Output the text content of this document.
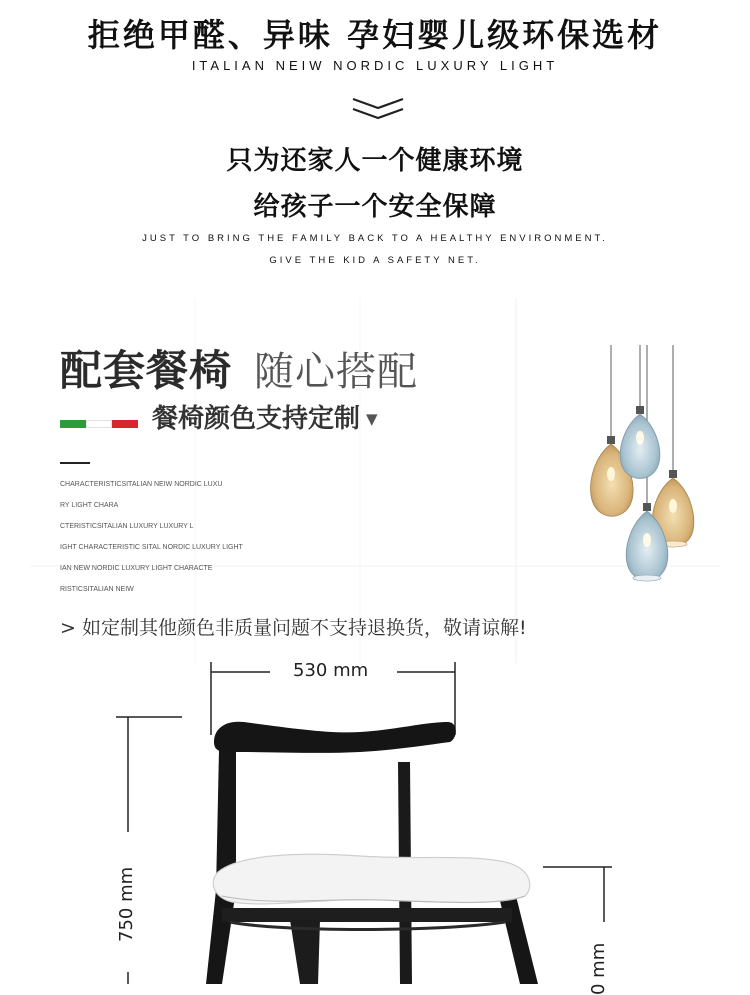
拒绝甲醛、异味 孕妇婴儿级环保选材
ITALIAN NEIW NORDIC LUXURY LIGHT
只为还家人一个健康环境
给孩子一个安全保障
JUST TO BRING THE FAMILY BACK TO A HEALTHY ENVIRONMENT.
GIVE THE KID A SAFETY NET.
配套餐椅 随心搭配
餐椅颜色支持定制 ▼
CHARACTERISTICSITALIAN NEIW NORDIC LUXU
RY LIGHT CHARA
CTERISTICSITALIAN LUXURY LUXURY L
IGHT CHARACTERISTIC SITAL NORDIC LUXURY LIGHT
IAN NEW NORDIC LUXURY LIGHT CHARACTE
RISTICSITALIAN NEIW
> 如定制其他颜色非质量问题不支持退换货，敬请谅解!
530 mm
750 mm
0 mm
